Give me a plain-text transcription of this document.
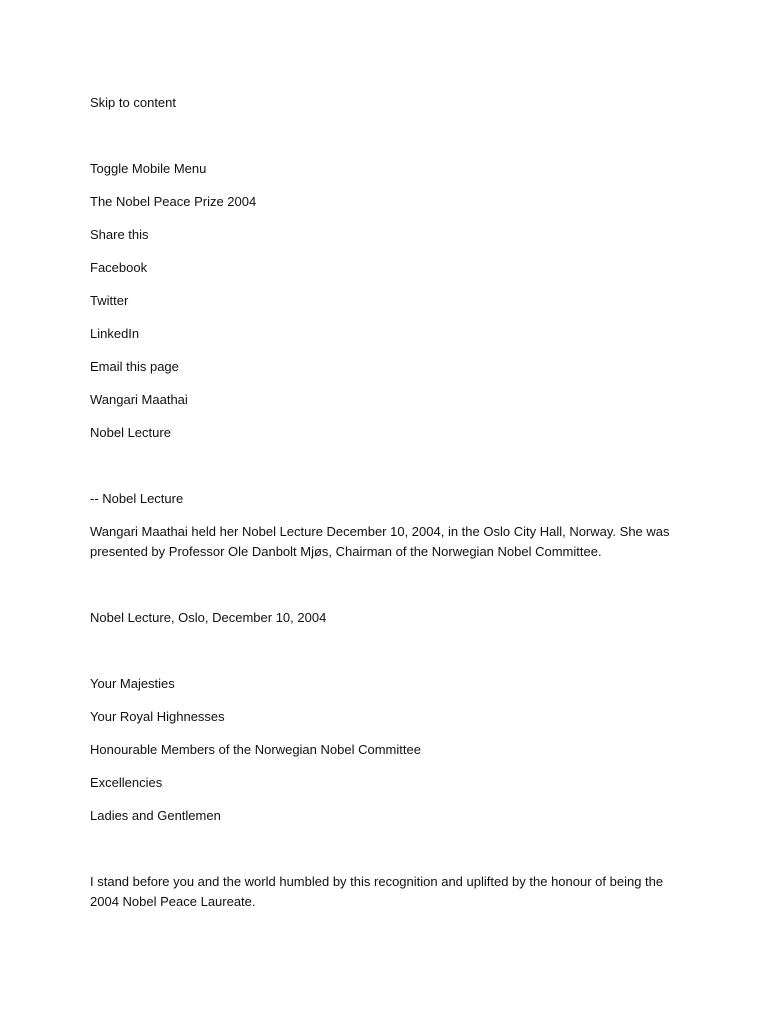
Skip to content

Toggle Mobile Menu

The Nobel Peace Prize 2004

Share this

Facebook

Twitter

LinkedIn

Email this page

Wangari Maathai

Nobel Lecture

-- Nobel Lecture

Wangari Maathai held her Nobel Lecture December 10, 2004, in the Oslo City Hall, Norway. She was presented by Professor Ole Danbolt Mjøs, Chairman of the Norwegian Nobel Committee.

Nobel Lecture, Oslo, December 10, 2004

Your Majesties

Your Royal Highnesses

Honourable Members of the Norwegian Nobel Committee

Excellencies

Ladies and Gentlemen

I stand before you and the world humbled by this recognition and uplifted by the honour of being the 2004 Nobel Peace Laureate.
